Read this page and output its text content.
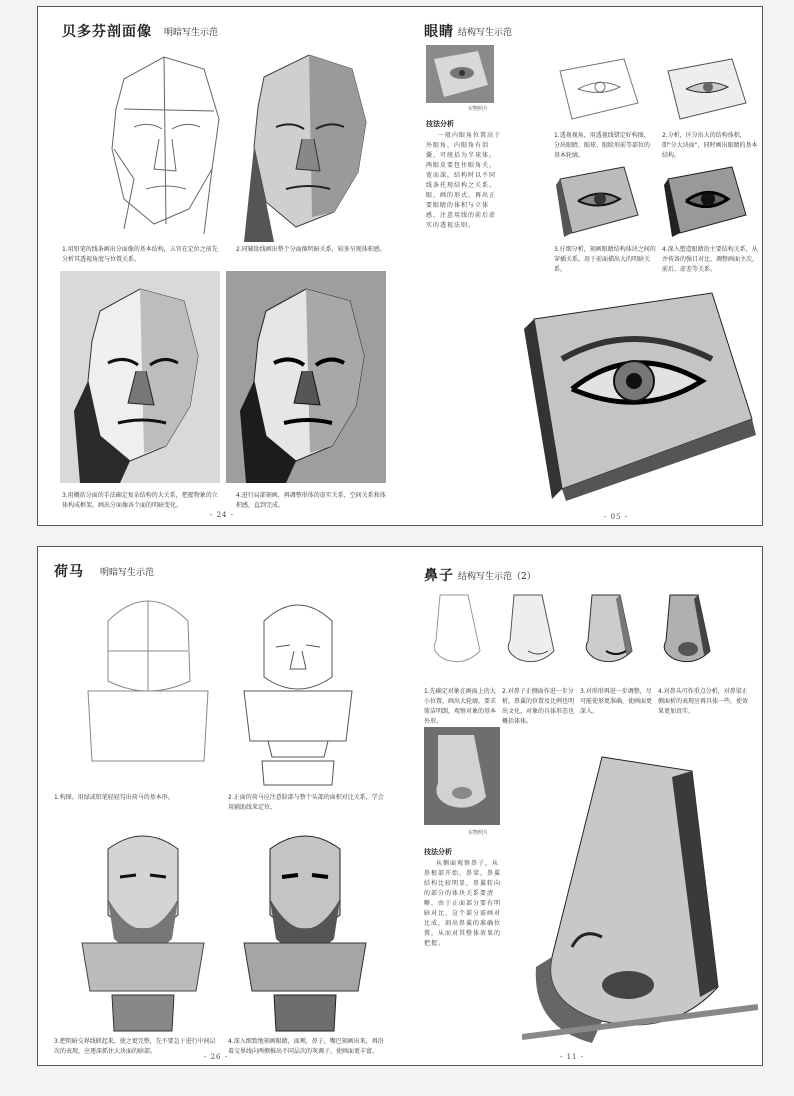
贝多芬剖面像 明暗写生示范
1.用铅笔的线条画出分面像的基本结构，五官在定位之前先分析其透视角度与位置关系。
2.同辅助线画出整个分面像明暗关系，较多呈现体积感。
3.用概括分面的手法确定复杂结构的大关系，把握物象的立体构成框架，画出分面像各个面的明暗变化。
4.进行局部刻画，再调整形体的虚实关系，空间关系和体积感，直到完成。
- 24 -
眼睛 结构写生示范
实物照片
技法分析
一般内眼角位置高于外眼角，内眼角有泪囊，可统括为半球体。两眼皮要包住眼角关，宽而深，结构时以不同线条托现结构之关系。眼，画的形式，再出正要眼睛的体积与立体感，注意用线的前后虚实的透视法则。
1.透视视角，用透视线错定好构图，分出眼睛、眼球、眼睑形前等部位的基本轮廓。
2.分析，区分出大的结构体积，即"分大块面"，同时画出眼睛的基本结构。
3.仔细分析，刻画眼睛结构体块之间的穿插关系，用于前面描出大的明暗关系。
4.深入塑造眼睛的主要结构关系，从并传备的强目对比，调整画面主次，前后，虚差等关系。
- 05 -
荷马 明暗写生示范
1.构图。用绿或铅笔轻轻勾出荷马的基本形。	2.正面的荷马应注意脸部与整个头部的面积对比关系，学会用辅助线来定位。
3.把明暗交界线联起来，使之更完整，先不要急于进行中间层次的表现，应逐深抓住大块面的暗部。
4.深入细致地刻画眼睛，面颊，鼻子，嘴巴刻画出来，再沿着交界线向两侧推出不同层次的灰调子，使画面更丰富。
- 26 -
鼻子 结构写生示范（2）
1.先确定对象在画面上的大小位置，画出大轮廓，要求简洁明朗，观察对象的基本外形。
2.对鼻子正侧面作进一步分析，鼻翼的位置及比例也明出文化，对象的具体形态也概括体体。
3.对形形再进一步调整，尽可能使形更准确，使画面更深入。
4.对鼻头可作重点分析，对鼻梁正侧面析的表现应再具体一些，使效果更加真实。
实物照片
技法分析
从侧面观察鼻子，从鼻根部开始，鼻梁，鼻翼结构比较明显，鼻翼转向的部分的体块关系要清晰，由于正面部分要有明暗对比，这个部分需画对比成，刻出鼻翼的准确位置，从而对其整体效果的把握。
- 11 -
